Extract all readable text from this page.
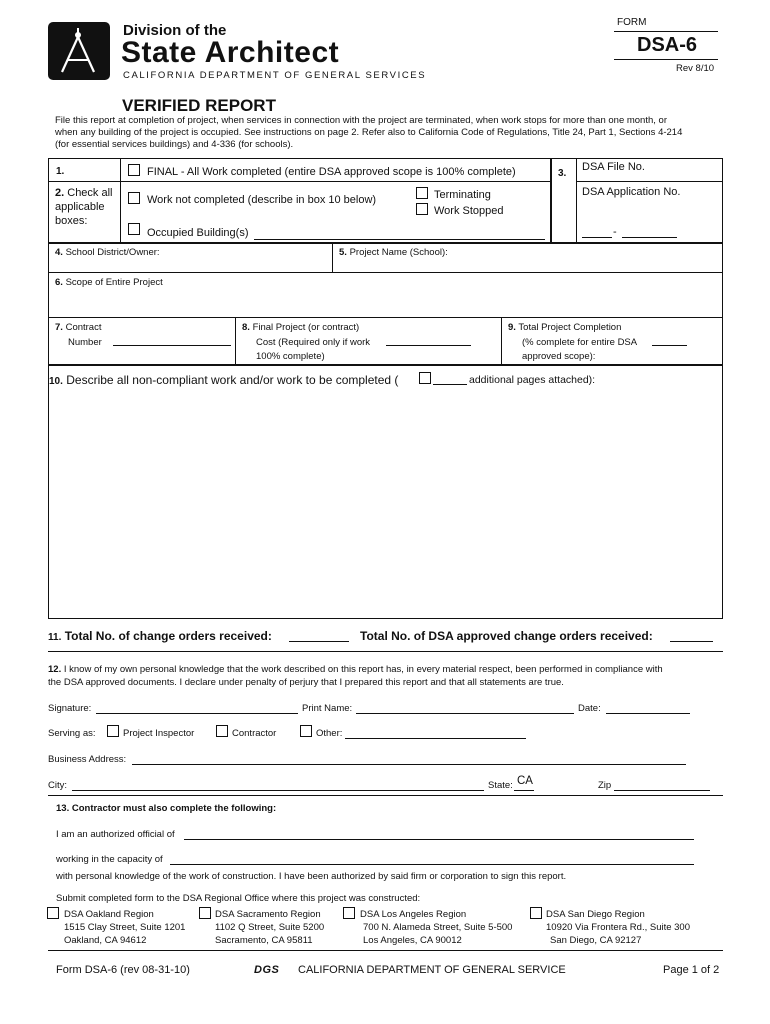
Division of the
State Architect
CALIFORNIA DEPARTMENT OF GENERAL SERVICES
FORM
DSA-6
Rev 8/10
VERIFIED REPORT
File this report at completion of project, when services in connection with the project are terminated, when work stops for more than one month, or
when any building of the project is occupied. See instructions on page 2. Refer also to California Code of Regulations, Title 24, Part 1, Sections 4-214
(for essential services buildings) and 4-336 (for schools).
1.	FINAL - All Work completed (entire DSA approved scope is 100% complete)
2. Check all
applicable
boxes:
Work not completed (describe in box 10 below)	Terminating
Work Stopped
Occupied Building(s)
3.
DSA File No.
DSA Application No.
-
4. School District/Owner:	5. Project Name (School):
6. Scope of Entire Project
7. Contract
Number
8. Final Project (or contract)
Cost (Required only if work
100% complete)
9. Total Project Completion
(% complete for entire DSA
approved scope):
10. Describe all non-compliant work and/or work to be completed (	additional pages attached):
11. Total No. of change orders received:	Total No. of DSA approved change orders received:
12. I know of my own personal knowledge that the work described on this report has, in every material respect, been performed in compliance with
the DSA approved documents. I declare under penalty of perjury that I prepared this report and that all statements are true.
Signature:	Print Name:	Date:
Serving as:	Project Inspector	Contractor	Other:
Business Address:
City:	State: CA	Zip
13. Contractor must also complete the following:
I am an authorized official of
working in the capacity of
with personal knowledge of the work of construction. I have been authorized by said firm or corporation to sign this report.
Submit completed form to the DSA Regional Office where this project was constructed:
DSA Oakland Region
1515 Clay Street, Suite 1201
Oakland, CA 94612
DSA Sacramento Region
1102 Q Street, Suite 5200
Sacramento, CA 95811
DSA Los Angeles Region
700 N. Alameda Street, Suite 5-500
Los Angeles, CA 90012
DSA San Diego Region
10920 Via Frontera Rd., Suite 300
San Diego, CA 92127
Form DSA-6 (rev 08-31-10)	DGS CALIFORNIA DEPARTMENT OF GENERAL SERVICE	Page 1 of 2
